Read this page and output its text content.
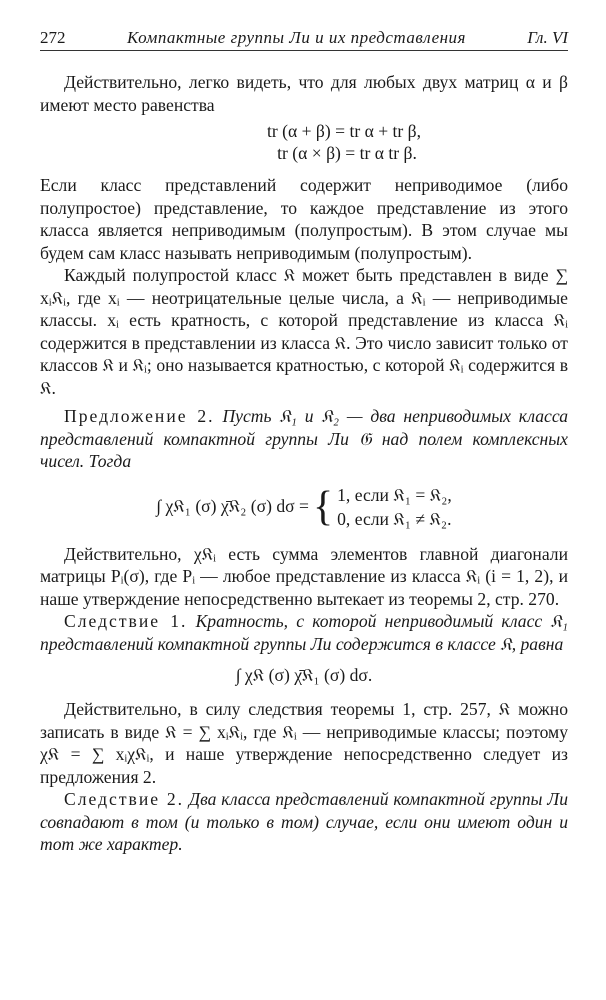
272	Компактные группы Ли и их представления	Гл. VI

Действительно, легко видеть, что для любых двух матриц α и β имеют место равенства

tr (α + β) = tr α + tr β,

tr (α × β) = tr α tr β.

Если класс представлений содержит неприводимое (либо полупростое) представление, то каждое представление из этого класса является неприводимым (полупростым). В этом случае мы будем сам класс называть неприводимым (полупростым).

Каждый полупростой класс 𝔎 может быть представлен в виде ∑ xᵢ𝔎ᵢ, где xᵢ — неотрицательные целые числа, а 𝔎ᵢ — неприводимые классы. xᵢ есть кратность, с которой представление из класса 𝔎ᵢ содержится в представлении из класса 𝔎. Это число зависит только от классов 𝔎 и 𝔎ᵢ; оно называется кратностью, с которой 𝔎ᵢ содержится в 𝔎.

Предложение 2. Пусть 𝔎₁ и 𝔎₂ — два неприводимых класса представлений компактной группы Ли 𝔊 над полем комплексных чисел. Тогда

∫ χ𝔎₁ (σ) χ̄𝔎₂ (σ) dσ = { 1, если 𝔎₁ = 𝔎₂,
0, если 𝔎₁ ≠ 𝔎₂.

Действительно, χ𝔎ᵢ есть сумма элементов главной диагонали матрицы Pᵢ(σ), где Pᵢ — любое представление из класса 𝔎ᵢ (i = 1, 2), и наше утверждение непосредственно вытекает из теоремы 2, стр. 270.

Следствие 1. Кратность, с которой неприводимый класс 𝔎₁ представлений компактной группы Ли содержится в классе 𝔎, равна

∫ χ𝔎 (σ) χ̄𝔎₁ (σ) dσ.

Действительно, в силу следствия теоремы 1, стр. 257, 𝔎 можно записать в виде 𝔎 = ∑ xᵢ𝔎ᵢ, где 𝔎ᵢ — неприводимые классы; поэтому χ𝔎 = ∑ xᵢχ𝔎ᵢ, и наше утверждение непосредственно следует из предложения 2.

Следствие 2. Два класса представлений компактной группы Ли совпадают в том (и только в том) случае, если они имеют один и тот же характер.
